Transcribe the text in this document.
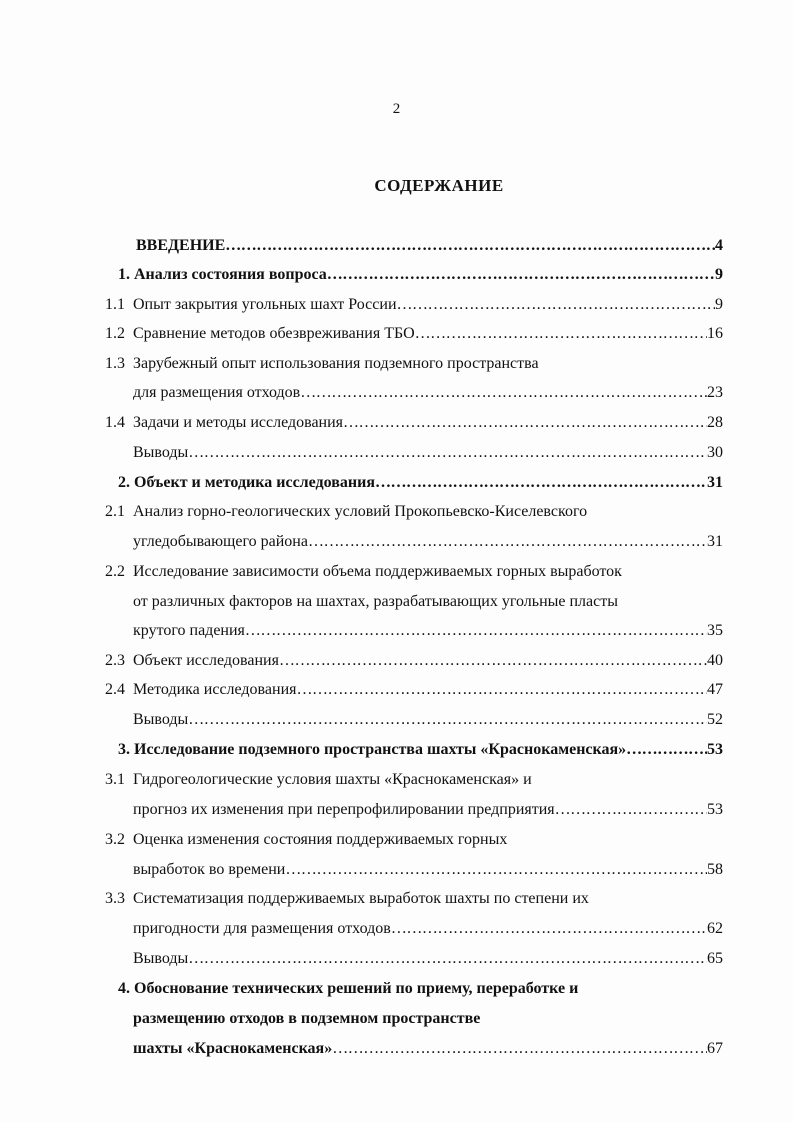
2
СОДЕРЖАНИЕ
ВВЕДЕНИЕ …………………………………………………………………………………………………………………………………………………………………………………………………………	4
1. Анализ состояния вопроса …………………………………………………………………………………………………………………………………………………………………………………………………………	9
1.1 Опыт закрытия угольных шахт России …………………………………………………………………………………………………………………………………………………………………………………………………………	9
1.2 Сравнение методов обезвреживания ТБО …………………………………………………………………………………………………………………………………………………………………………………………………………	16
1.3 Зарубежный опыт использования подземного пространства
для размещения отходов …………………………………………………………………………………………………………………………………………………………………………………………………………	23
1.4 Задачи и методы исследования …………………………………………………………………………………………………………………………………………………………………………………………………………	28
Выводы …………………………………………………………………………………………………………………………………………………………………………………………………………	30
2. Объект и методика исследования …………………………………………………………………………………………………………………………………………………………………………………………………………	31
2.1 Анализ горно-геологических условий Прокопьевско-Киселевского
угледобывающего района …………………………………………………………………………………………………………………………………………………………………………………………………………	31
2.2 Исследование зависимости объема поддерживаемых горных выработок
от различных факторов на шахтах, разрабатывающих угольные пласты
крутого падения …………………………………………………………………………………………………………………………………………………………………………………………………………	35
2.3 Объект исследования …………………………………………………………………………………………………………………………………………………………………………………………………………	40
2.4 Методика исследования …………………………………………………………………………………………………………………………………………………………………………………………………………	47
Выводы …………………………………………………………………………………………………………………………………………………………………………………………………………	52
3. Исследование подземного пространства шахты «Краснокаменская» …………………………………………………………………………………………………………………………………………………………………………………………………………	53
3.1 Гидрогеологические условия шахты «Краснокаменская» и
прогноз их изменения при перепрофилировании предприятия …………………………………………………………………………………………………………………………………………………………………………………………………………	53
3.2 Оценка изменения состояния поддерживаемых горных
выработок во времени …………………………………………………………………………………………………………………………………………………………………………………………………………	58
3.3 Систематизация поддерживаемых выработок шахты по степени их
пригодности для размещения отходов …………………………………………………………………………………………………………………………………………………………………………………………………………	62
Выводы …………………………………………………………………………………………………………………………………………………………………………………………………………	65
4. Обоснование технических решений по приему, переработке и
размещению отходов в подземном пространстве
шахты «Краснокаменская» …………………………………………………………………………………………………………………………………………………………………………………………………………	67
